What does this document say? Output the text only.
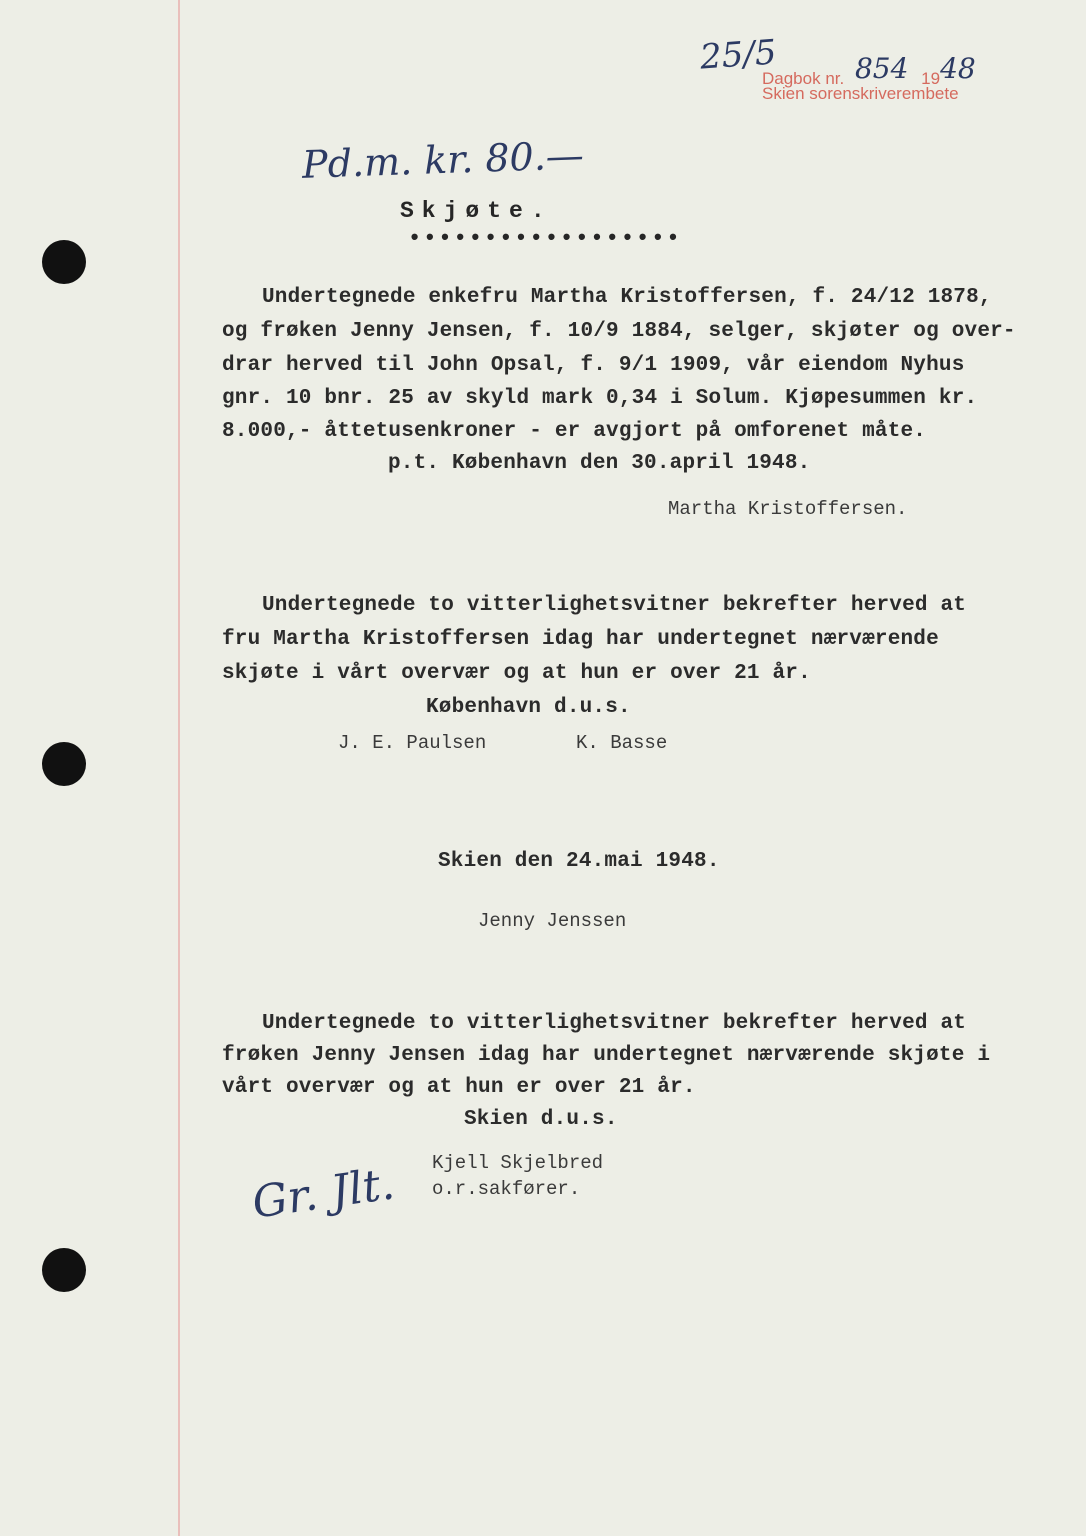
25/5
Dagbok nr. 854 1948
Skien sorenskriverembete
Pd.m. kr. 80.—
Skjøte.
••••••••••••••••••
Undertegnede enkefru Martha Kristoffersen, f. 24/12 1878,
og frøken Jenny Jensen, f. 10/9 1884, selger, skjøter og over-
drar herved til John Opsal, f. 9/1 1909, vår eiendom Nyhus
gnr. 10 bnr. 25 av skyld mark 0,34 i Solum. Kjøpesummen kr.
8.000,- åttetusenkroner - er avgjort på omforenet måte.
p.t. København den 30.april 1948.
Martha Kristoffersen.
Undertegnede to vitterlighetsvitner bekrefter herved at
fru Martha Kristoffersen idag har undertegnet nærværende
skjøte i vårt overvær og at hun er over 21 år.
København d.u.s.
J. E. Paulsen	K. Basse
Skien den 24.mai 1948.
Jenny Jenssen
Undertegnede to vitterlighetsvitner bekrefter herved at
frøken Jenny Jensen idag har undertegnet nærværende skjøte i
vårt overvær og at hun er over 21 år.
Skien d.u.s.
Kjell Skjelbred
o.r.sakfører.
Gr. Jlt.
